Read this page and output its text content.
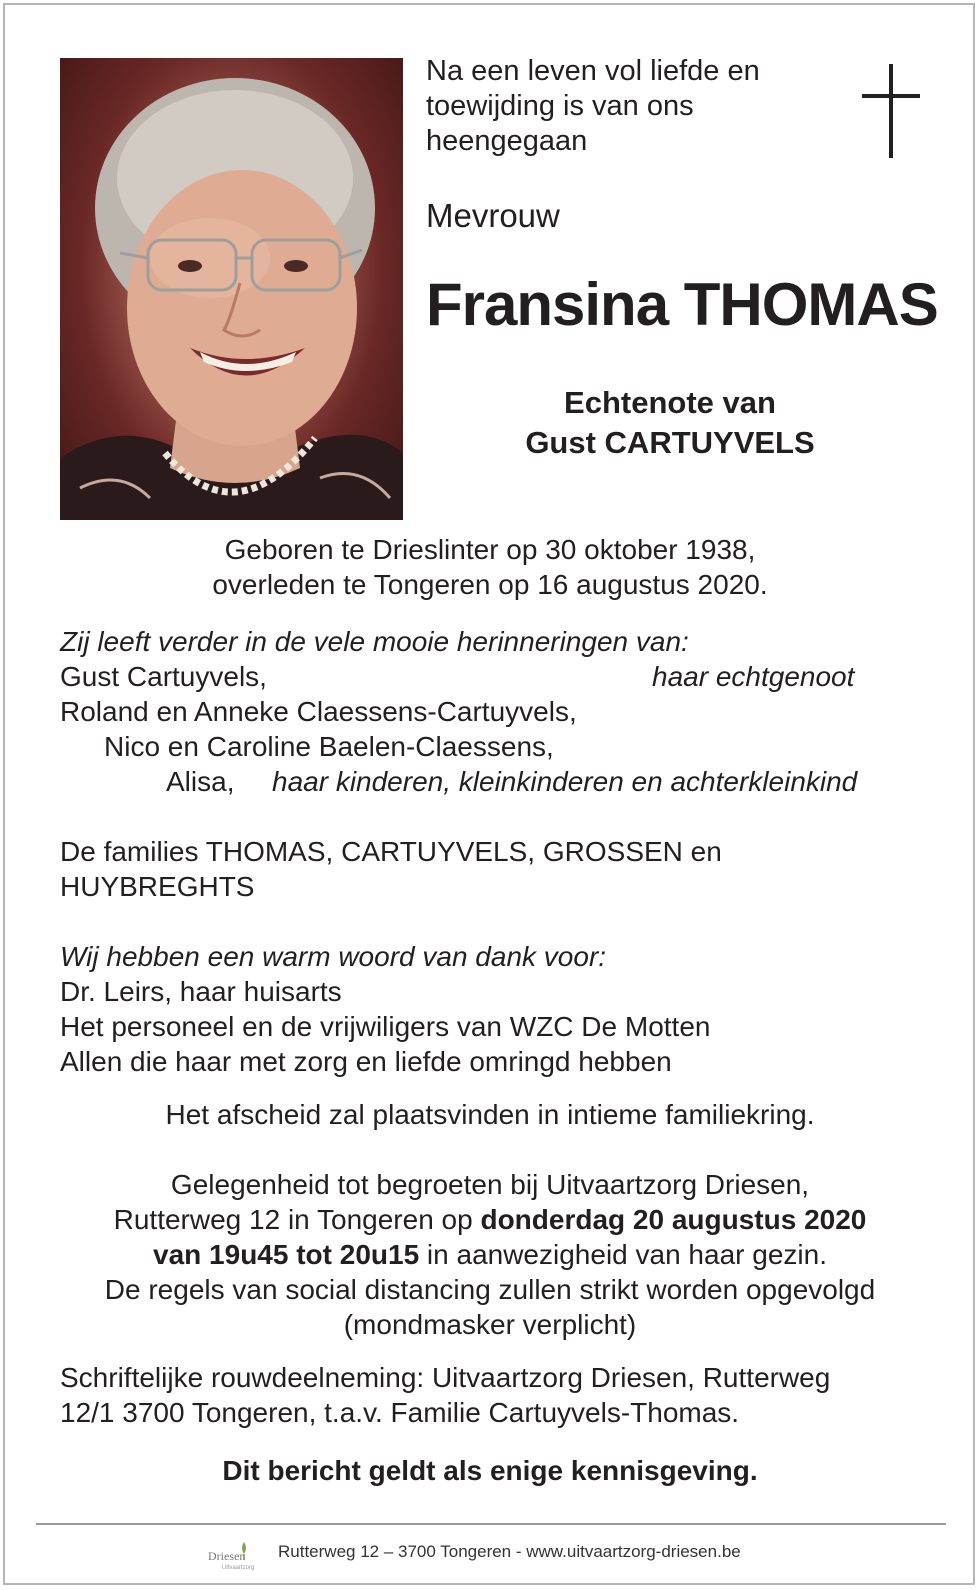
Na een leven vol liefde en
toewijding is van ons
heengegaan
Mevrouw
Fransina THOMAS
Echtenote van
Gust CARTUYVELS
Geboren te Drieslinter op 30 oktober 1938,
overleden te Tongeren op 16 augustus 2020.
Zij leeft verder in de vele mooie herinneringen van:
Gust Cartuyvels,	haar echtgenoot
Roland en Anneke Claessens-Cartuyvels,
Nico en Caroline Baelen-Claessens,
Alisa, haar kinderen, kleinkinderen en achterkleinkind
De families THOMAS, CARTUYVELS, GROSSEN en
HUYBREGHTS
Wij hebben een warm woord van dank voor:
Dr. Leirs, haar huisarts
Het personeel en de vrijwiligers van WZC De Motten
Allen die haar met zorg en liefde omringd hebben
Het afscheid zal plaatsvinden in intieme familiekring.
Gelegenheid tot begroeten bij Uitvaartzorg Driesen,
Rutterweg 12 in Tongeren op donderdag 20 augustus 2020
van 19u45 tot 20u15 in aanwezigheid van haar gezin.
De regels van social distancing zullen strikt worden opgevolgd
(mondmasker verplicht)
Schriftelijke rouwdeelneming: Uitvaartzorg Driesen, Rutterweg
12/1 3700 Tongeren, t.a.v. Familie Cartuyvels-Thomas.
Dit bericht geldt als enige kennisgeving.
Driesen
Uitvaartzorg
Rutterweg 12 – 3700 Tongeren - www.uitvaartzorg-driesen.be
